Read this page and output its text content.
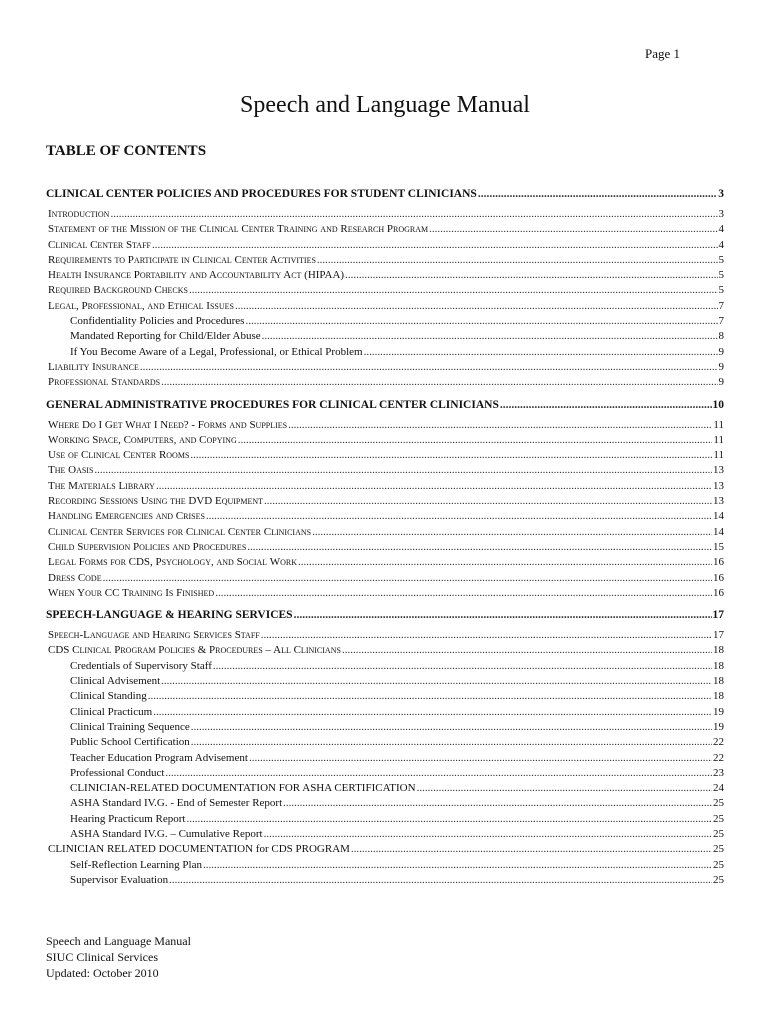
Page 1
Speech and Language Manual
TABLE OF CONTENTS
CLINICAL CENTER POLICIES AND PROCEDURES FOR STUDENT CLINICIANS .....	3
Introduction .....	3
Statement of the Mission of the Clinical Center Training and Research Program .....	4
Clinical Center Staff .....	4
Requirements to Participate in Clinical Center Activities .....	5
Health Insurance Portability and Accountability Act (HIPAA) .....	5
Required Background Checks .....	5
Legal, Professional, and Ethical Issues .....	7
Confidentiality Policies and Procedures .....	7
Mandated Reporting for Child/Elder Abuse .....	8
If You Become Aware of a Legal, Professional, or Ethical Problem .....	9
Liability Insurance .....	9
Professional Standards .....	9
GENERAL ADMINISTRATIVE PROCEDURES FOR CLINICAL CENTER CLINICIANS .....	10
Where Do I Get What I Need? - Forms and Supplies .....	11
Working Space, Computers, and Copying .....	11
Use of Clinical Center Rooms .....	11
The Oasis .....	13
The Materials Library .....	13
Recording Sessions Using the DVD Equipment .....	13
Handling Emergencies and Crises .....	14
Clinical Center Services for Clinical Center Clinicians .....	14
Child Supervision Policies and Procedures .....	15
Legal Forms for CDS, Psychology, and Social Work .....	16
Dress Code .....	16
When Your CC Training Is Finished .....	16
SPEECH-LANGUAGE & HEARING SERVICES .....	17
Speech-Language and Hearing Services Staff .....	17
CDS Clinical Program Policies & Procedures – All Clinicians .....	18
Credentials of Supervisory Staff .....	18
Clinical Advisement .....	18
Clinical Standing .....	18
Clinical Practicum .....	19
Clinical Training Sequence .....	19
Public School Certification .....	22
Teacher Education Program Advisement .....	22
Professional Conduct .....	23
CLINICIAN-RELATED DOCUMENTATION FOR ASHA CERTIFICATION .....	24
ASHA Standard IV.G. - End of Semester Report .....	25
Hearing Practicum Report .....	25
ASHA Standard IV.G. – Cumulative Report .....	25
CLINICIAN RELATED DOCUMENTATION for CDS PROGRAM .....	25
Self-Reflection Learning Plan .....	25
Supervisor Evaluation .....	25
Speech and Language Manual
SIUC Clinical Services
Updated: October 2010
